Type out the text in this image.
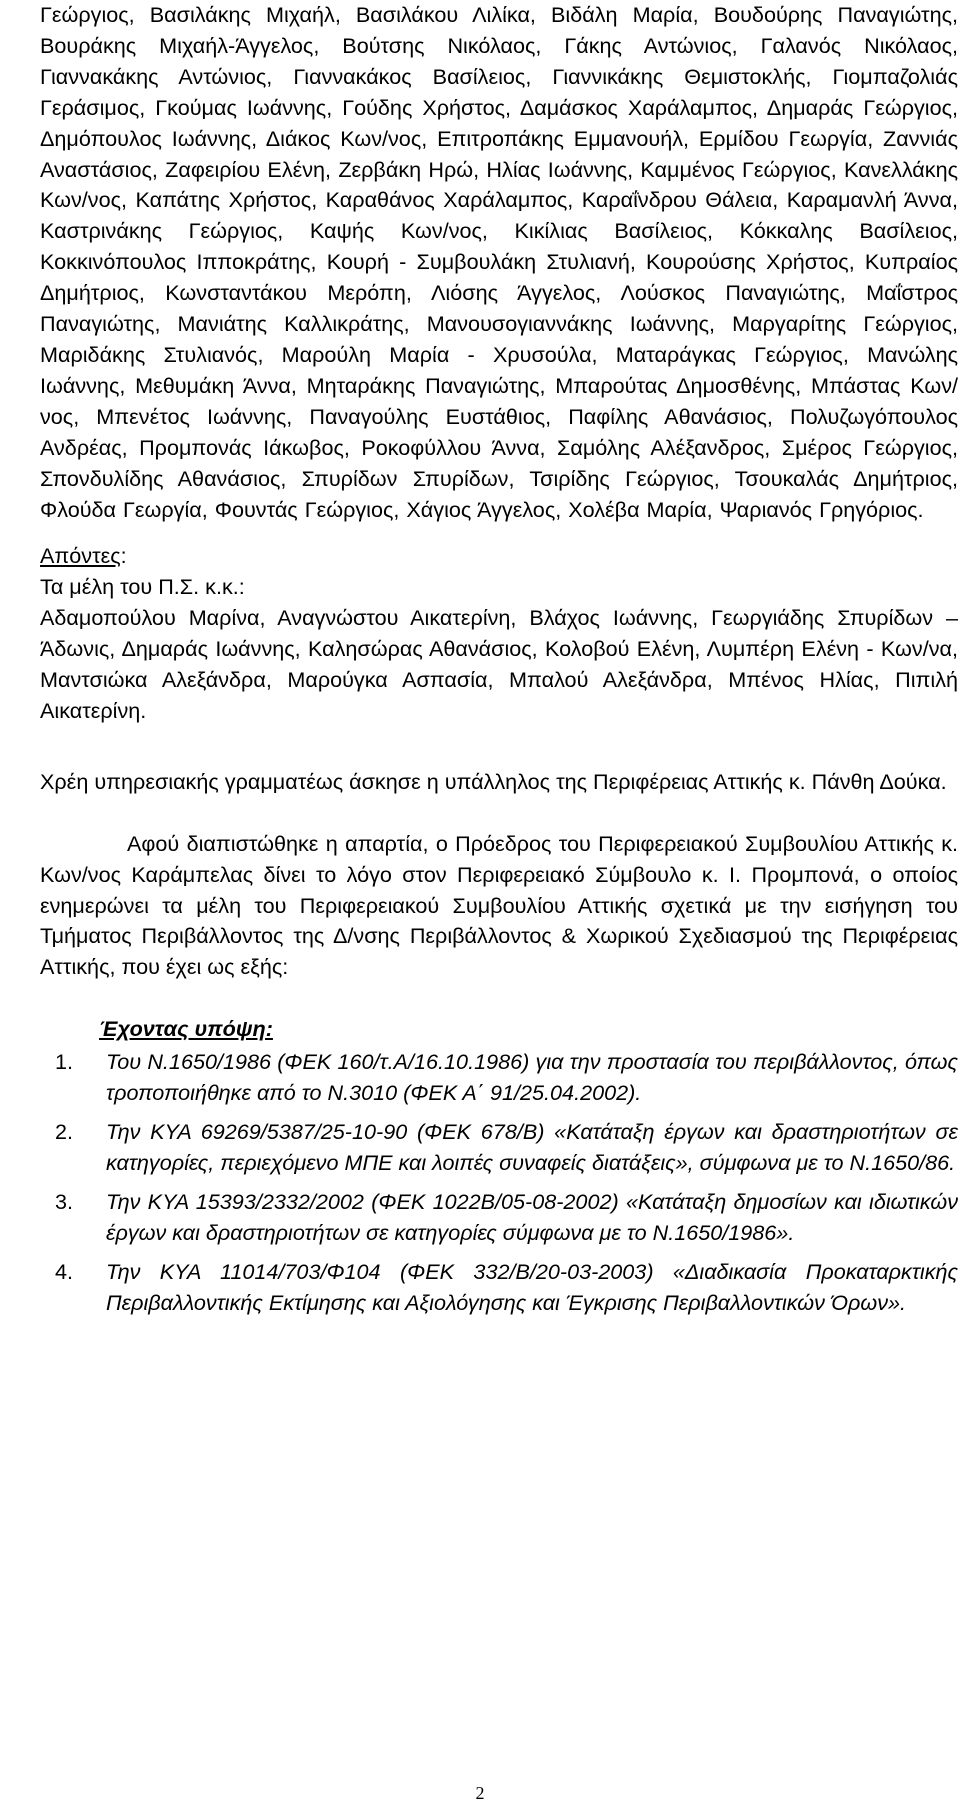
Γεώργιος, Βασιλάκης Μιχαήλ, Βασιλάκου Λιλίκα, Βιδάλη Μαρία, Βουδούρης Παναγιώτης, Βουράκης Μιχαήλ-Άγγελος, Βούτσης Νικόλαος, Γάκης Αντώνιος, Γαλανός Νικόλαος, Γιαννακάκης Αντώνιος, Γιαννακάκος Βασίλειος, Γιαννικάκης Θεμιστοκλής, Γιομπαζολιάς Γεράσιμος, Γκούμας Ιωάννης, Γούδης Χρήστος, Δαμάσκος Χαράλαμπος, Δημαράς Γεώργιος, Δημόπουλος Ιωάννης, Διάκος Κων/νος, Επιτροπάκης Εμμανουήλ, Ερμίδου Γεωργία, Ζαννιάς Αναστάσιος, Ζαφειρίου Ελένη, Ζερβάκη Ηρώ, Ηλίας Ιωάννης, Καμμένος Γεώργιος, Κανελλάκης Κων/νος, Καπάτης Χρήστος, Καραθάνος Χαράλαμπος, Καραΐνδρου Θάλεια, Καραμανλή Άννα, Καστρινάκης Γεώργιος, Καψής Κων/νος, Κικίλιας Βασίλειος, Κόκκαλης Βασίλειος, Κοκκινόπουλος Ιπποκράτης, Κουρή - Συμβουλάκη Στυλιανή, Κουρούσης Χρήστος, Κυπραίος Δημήτριος, Κωνσταντάκου Μερόπη, Λιόσης Άγγελος, Λούσκος Παναγιώτης, Μαΐστρος Παναγιώτης, Μανιάτης Καλλικράτης, Μανουσογιαννάκης Ιωάννης, Μαργαρίτης Γεώργιος, Μαριδάκης Στυλιανός, Μαρούλη Μαρία - Χρυσούλα, Ματαράγκας Γεώργιος, Μανώλης Ιωάννης, Μεθυμάκη Άννα, Μηταράκης Παναγιώτης, Μπαρούτας Δημοσθένης, Μπάστας Κων/νος, Μπενέτος Ιωάννης, Παναγούλης Ευστάθιος, Παφίλης Αθανάσιος, Πολυζωγόπουλος Ανδρέας, Προμπονάς Ιάκωβος, Ροκοφύλλου Άννα, Σαμόλης Αλέξανδρος, Σμέρος Γεώργιος, Σπονδυλίδης Αθανάσιος, Σπυρίδων Σπυρίδων, Τσιρίδης Γεώργιος, Τσουκαλάς Δημήτριος, Φλούδα Γεωργία, Φουντάς Γεώργιος, Χάγιος Άγγελος, Χολέβα Μαρία, Ψαριανός Γρηγόριος.

Απόντες:
Τα μέλη του Π.Σ. κ.κ.:

Αδαμοπούλου Μαρίνα, Αναγνώστου Αικατερίνη, Βλάχος Ιωάννης, Γεωργιάδης Σπυρίδων – Άδωνις, Δημαράς Ιωάννης, Καλησώρας Αθανάσιος, Κολοβού Ελένη, Λυμπέρη Ελένη - Κων/να, Μαντσιώκα Αλεξάνδρα, Μαρούγκα Ασπασία, Μπαλού Αλεξάνδρα, Μπένος Ηλίας, Πιπιλή Αικατερίνη.

Χρέη υπηρεσιακής γραμματέως άσκησε η υπάλληλος της Περιφέρειας Αττικής κ. Πάνθη Δούκα.

Αφού διαπιστώθηκε η απαρτία, ο Πρόεδρος του Περιφερειακού Συμβουλίου Αττικής κ. Κων/νος Καράμπελας δίνει το λόγο στον Περιφερειακό Σύμβουλο κ. Ι. Προμπονά, ο οποίος ενημερώνει τα μέλη του Περιφερειακού Συμβουλίου Αττικής σχετικά με την εισήγηση του Τμήματος Περιβάλλοντος της Δ/νσης Περιβάλλοντος & Χωρικού Σχεδιασμού της Περιφέρειας Αττικής, που έχει ως εξής:

Έχοντας υπόψη:
1. Του Ν.1650/1986 (ΦΕΚ 160/τ.Α/16.10.1986) για την προστασία του περιβάλλοντος, όπως τροποποιήθηκε από το Ν.3010 (ΦΕΚ Α΄ 91/25.04.2002).
2. Την ΚΥΑ 69269/5387/25-10-90 (ΦΕΚ 678/Β) «Κατάταξη έργων και δραστηριοτήτων σε κατηγορίες, περιεχόμενο ΜΠΕ και λοιπές συναφείς διατάξεις», σύμφωνα με το Ν.1650/86.
3. Την ΚΥΑ 15393/2332/2002 (ΦΕΚ 1022Β/05-08-2002) «Κατάταξη δημοσίων και ιδιωτικών έργων και δραστηριοτήτων σε κατηγορίες σύμφωνα με το Ν.1650/1986».
4. Την ΚΥΑ 11014/703/Φ104 (ΦΕΚ 332/Β/20-03-2003) «Διαδικασία Προκαταρκτικής Περιβαλλοντικής Εκτίμησης και Αξιολόγησης και Έγκρισης Περιβαλλοντικών Όρων».
2
